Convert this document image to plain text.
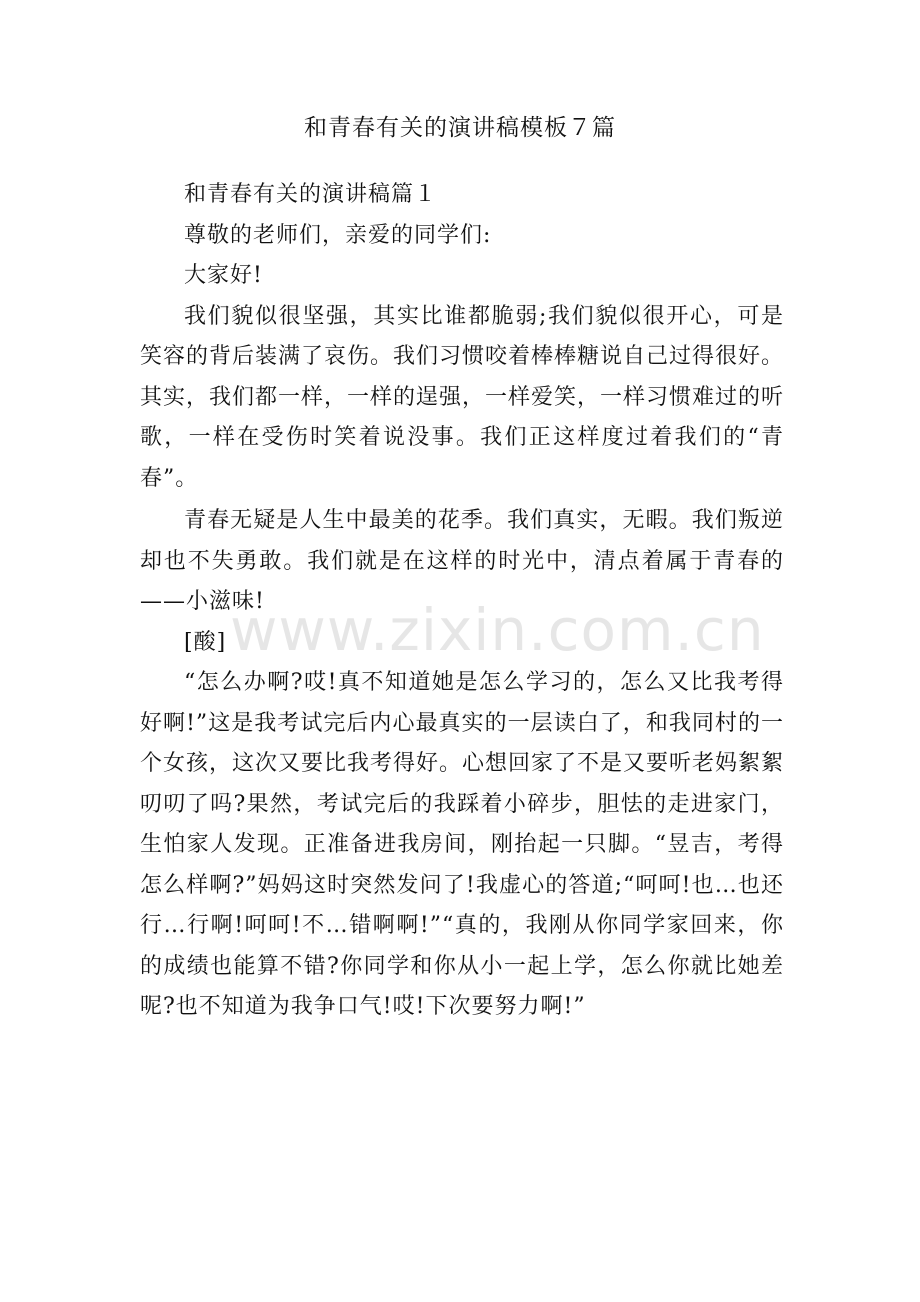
和青春有关的演讲稿模板７篇

和青春有关的演讲稿篇１

尊敬的老师们，亲爱的同学们:

大家好!

我们貌似很坚强，其实比谁都脆弱;我们貌似很开心，可是笑容的背后装满了哀伤。我们习惯咬着棒棒糖说自己过得很好。其实，我们都一样，一样的逞强，一样爱笑，一样习惯难过的听歌，一样在受伤时笑着说没事。我们正这样度过着我们的“青春”。

青春无疑是人生中最美的花季。我们真实，无暇。我们叛逆却也不失勇敢。我们就是在这样的时光中，清点着属于青春的——小滋味!

[酸]

“怎么办啊?哎!真不知道她是怎么学习的，怎么又比我考得好啊!”这是我考试完后内心最真实的一层读白了，和我同村的一个女孩，这次又要比我考得好。心想回家了不是又要听老妈絮絮叨叨了吗?果然，考试完后的我踩着小碎步，胆怯的走进家门，生怕家人发现。正准备进我房间，刚抬起一只脚。“昱吉，考得怎么样啊?”妈妈这时突然发问了!我虚心的答道;“呵呵!也…也还行…行啊!呵呵!不…错啊啊!”“真的，我刚从你同学家回来，你的成绩也能算不错?你同学和你从小一起上学，怎么你就比她差呢?也不知道为我争口气!哎!下次要努力啊!”

www.zixin.com.cn
